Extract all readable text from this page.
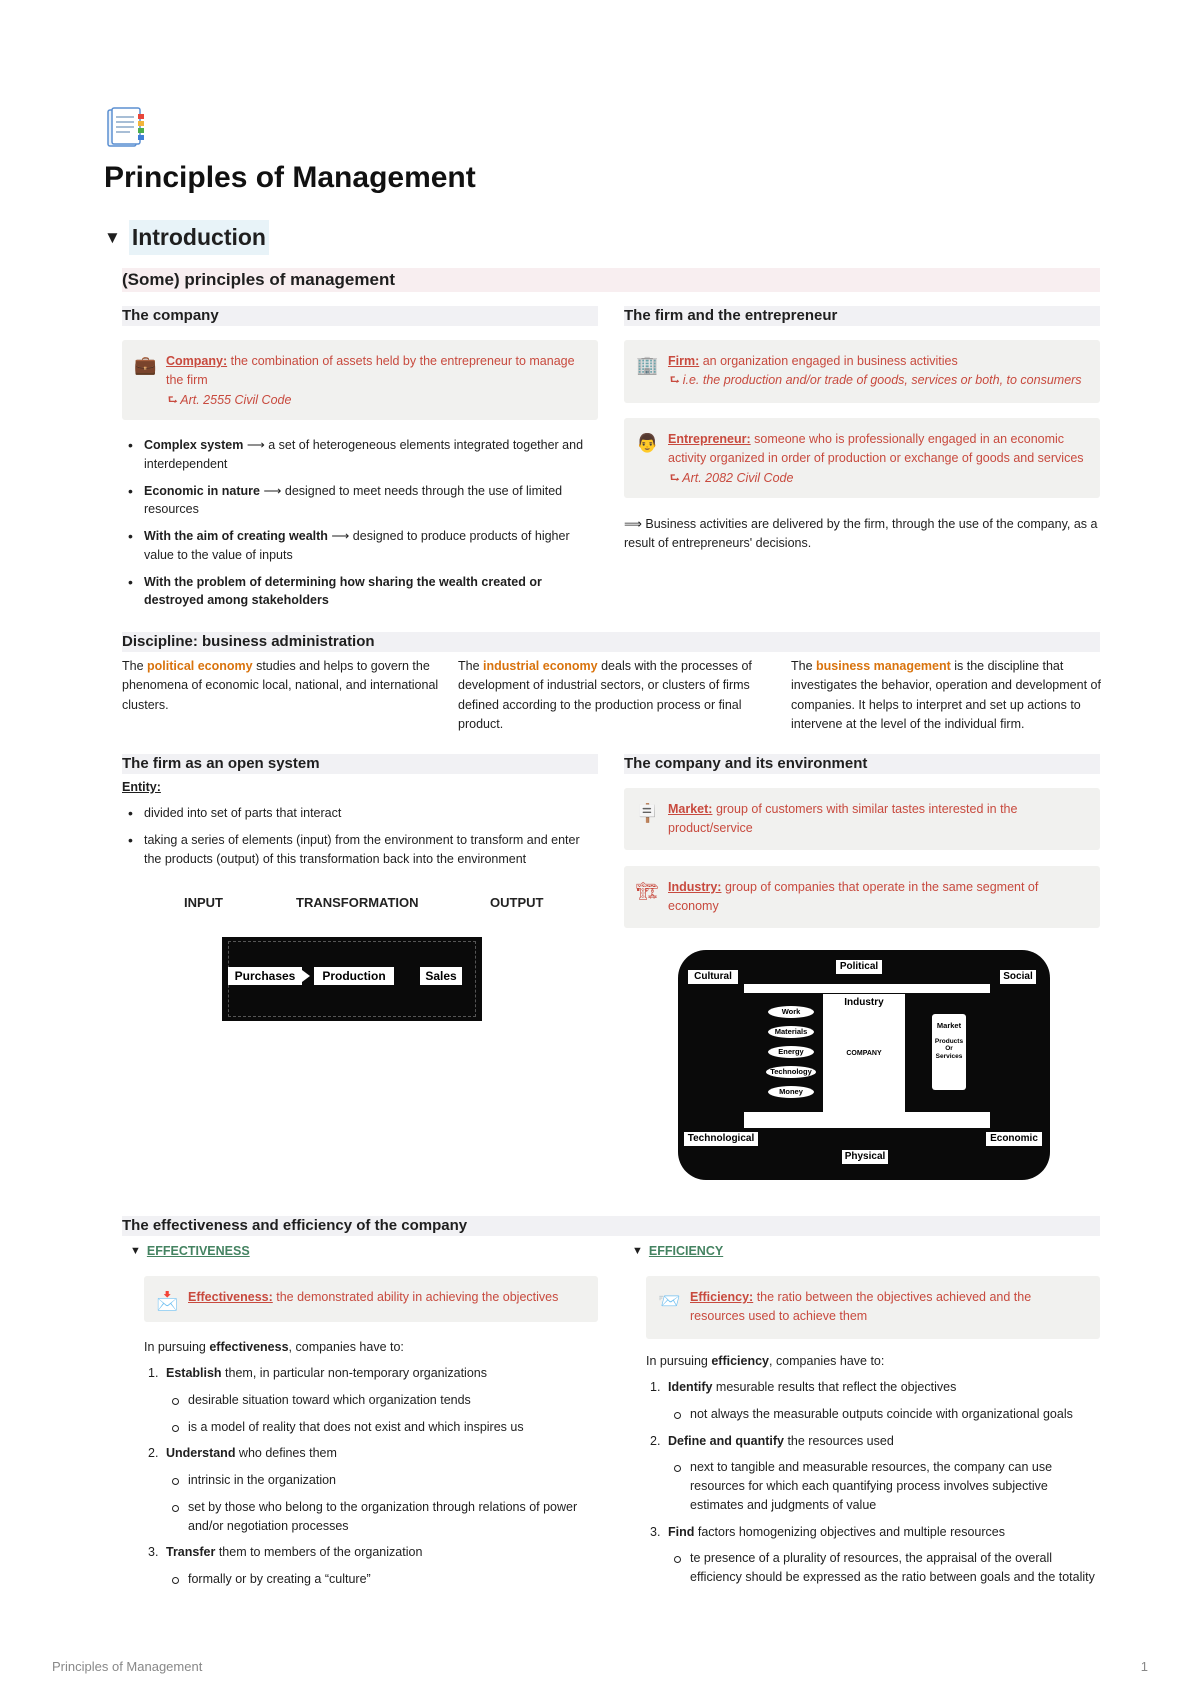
Principles of Management
▼ Introduction
(Some) principles of management
The company
💼 Company: the combination of assets held by the entrepreneur to manage the firm
⮑ Art. 2555 Civil Code
• Complex system ⟶ a set of heterogeneous elements integrated together and interdependent
• Economic in nature ⟶ designed to meet needs through the use of limited resources
• With the aim of creating wealth ⟶ designed to produce products of higher value to the value of inputs
• With the problem of determining how sharing the wealth created or destroyed among stakeholders
The firm and the entrepreneur
🏢 Firm: an organization engaged in business activities
⮑ i.e. the production and/or trade of goods, services or both, to consumers
👨 Entrepreneur: someone who is professionally engaged in an economic activity organized in order of production or exchange of goods and services
⮑ Art. 2082 Civil Code
⟹ Business activities are delivered by the firm, through the use of the company, as a result of entrepreneurs' decisions.
Discipline: business administration
The political economy studies and helps to govern the phenomena of economic local, national, and international clusters.
The industrial economy deals with the processes of development of industrial sectors, or clusters of firms defined according to the production process or final product.
The business management is the discipline that investigates the behavior, operation and development of companies. It helps to interpret and set up actions to intervene at the level of the individual firm.
The firm as an open system
Entity:
• divided into set of parts that interact
• taking a series of elements (input) from the environment to transform and enter the products (output) of this transformation back into the environment
INPUT	TRANSFORMATION	OUTPUT
Purchases	Production	Sales
The company and its environment
🪧 Market: group of customers with similar tastes interested in the product/service
🏗 Industry: group of companies that operate in the same segment of economy
Political
Cultural	Social
Industry
COMPANY
Work
Materials
Energy
Technology
Money
Market
Products
Or
Services
Technological	Economic
Physical
The effectiveness and efficiency of the company
▼ EFFECTIVENESS
📩 Effectiveness: the demonstrated ability in achieving the objectives
In pursuing effectiveness, companies have to:
1. Establish them, in particular non-temporary organizations
desirable situation toward which organization tends
is a model of reality that does not exist and which inspires us
2. Understand who defines them
intrinsic in the organization
set by those who belong to the organization through relations of power and/or negotiation processes
3. Transfer them to members of the organization
formally or by creating a “culture”
▼ EFFICIENCY
📨 Efficiency: the ratio between the objectives achieved and the resources used to achieve them
In pursuing efficiency, companies have to:
1. Identify mesurable results that reflect the objectives
not always the measurable outputs coincide with organizational goals
2. Define and quantify the resources used
next to tangible and measurable resources, the company can use resources for which each quantifying process involves subjective estimates and judgments of value
3. Find factors homogenizing objectives and multiple resources
te presence of a plurality of resources, the appraisal of the overall efficiency should be expressed as the ratio between goals and the totality
Principles of Management	1
